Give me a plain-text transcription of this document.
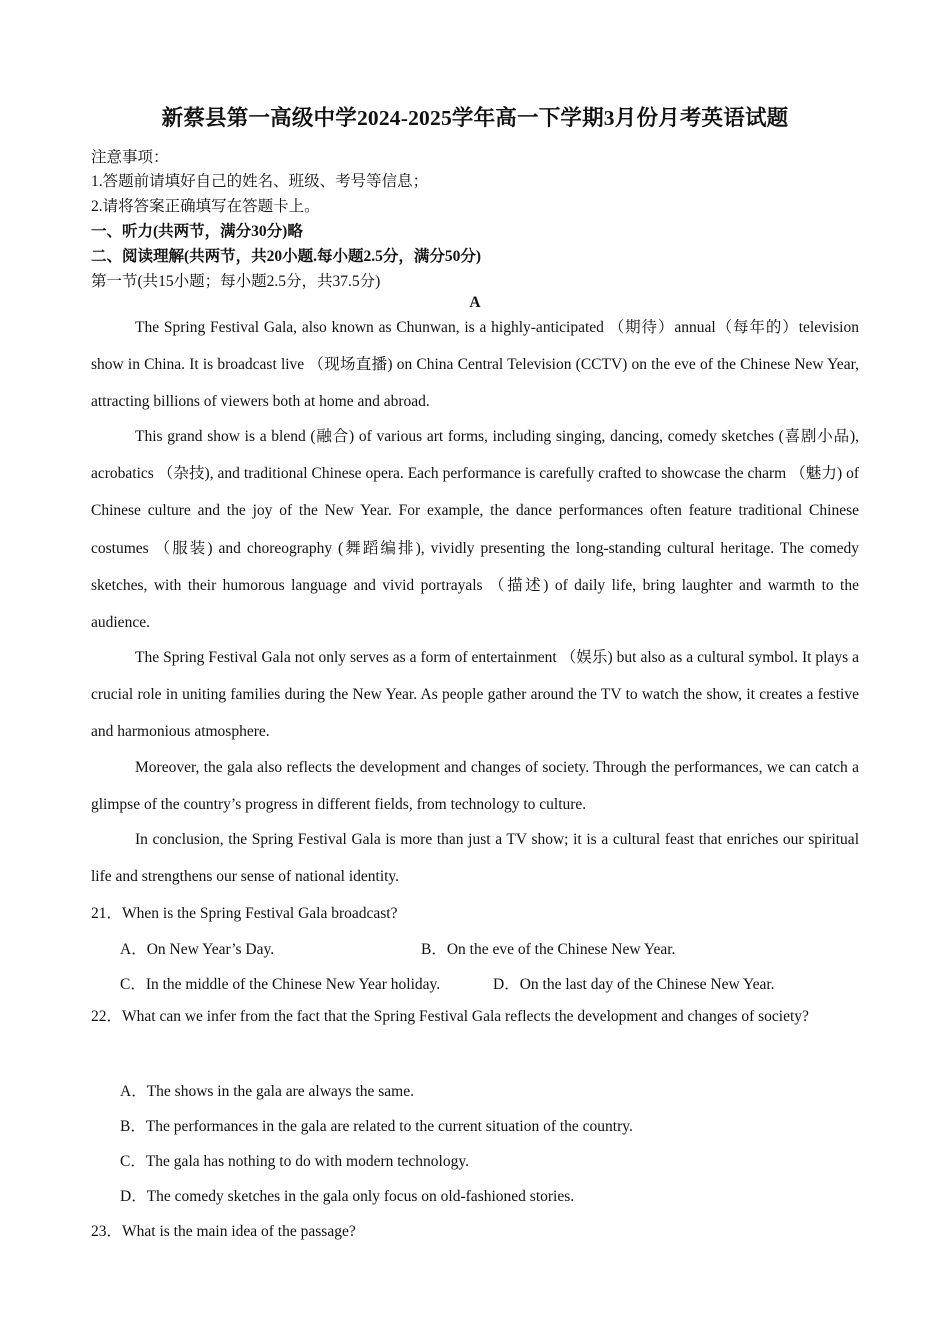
新蔡县第一高级中学2024-2025学年高一下学期3月份月考英语试题
注意事项：
1.答题前请填好自己的姓名、班级、考号等信息；
2.请将答案正确填写在答题卡上。
一、听力(共两节，满分30分)略
二、阅读理解(共两节，共20小题.每小题2.5分，满分50分)
第一节(共15小题；每小题2.5分，共37.5分)
A

The Spring Festival Gala, also known as Chunwan, is a highly-anticipated （期待）annual（每年的）television show in China. It is broadcast live （现场直播) on China Central Television (CCTV) on the eve of the Chinese New Year, attracting billions of viewers both at home and abroad.

This grand show is a blend (融合) of various art forms, including singing, dancing, comedy sketches (喜剧小品), acrobatics （杂技), and traditional Chinese opera. Each performance is carefully crafted to showcase the charm （魅力) of Chinese culture and the joy of the New Year. For example, the dance performances often feature traditional Chinese costumes （服装) and choreography (舞蹈编排), vividly presenting the long-standing cultural heritage. The comedy sketches, with their humorous language and vivid portrayals （描述) of daily life, bring laughter and warmth to the audience.

The Spring Festival Gala not only serves as a form of entertainment （娱乐) but also as a cultural symbol. It plays a crucial role in uniting families during the New Year. As people gather around the TV to watch the show, it creates a festive and harmonious atmosphere.

Moreover, the gala also reflects the development and changes of society. Through the performances, we can catch a glimpse of the country’s progress in different fields, from technology to culture.

In conclusion, the Spring Festival Gala is more than just a TV show; it is a cultural feast that enriches our spiritual life and strengthens our sense of national identity.

21．When is the Spring Festival Gala broadcast?
A．On New Year’s Day.	B．On the eve of the Chinese New Year.
C．In the middle of the Chinese New Year holiday.	D．On the last day of the Chinese New Year.

22．What can we infer from the fact that the Spring Festival Gala reflects the development and changes of society?

A．The shows in the gala are always the same.
B．The performances in the gala are related to the current situation of the country.
C．The gala has nothing to do with modern technology.
D．The comedy sketches in the gala only focus on old-fashioned stories.
23．What is the main idea of the passage?
